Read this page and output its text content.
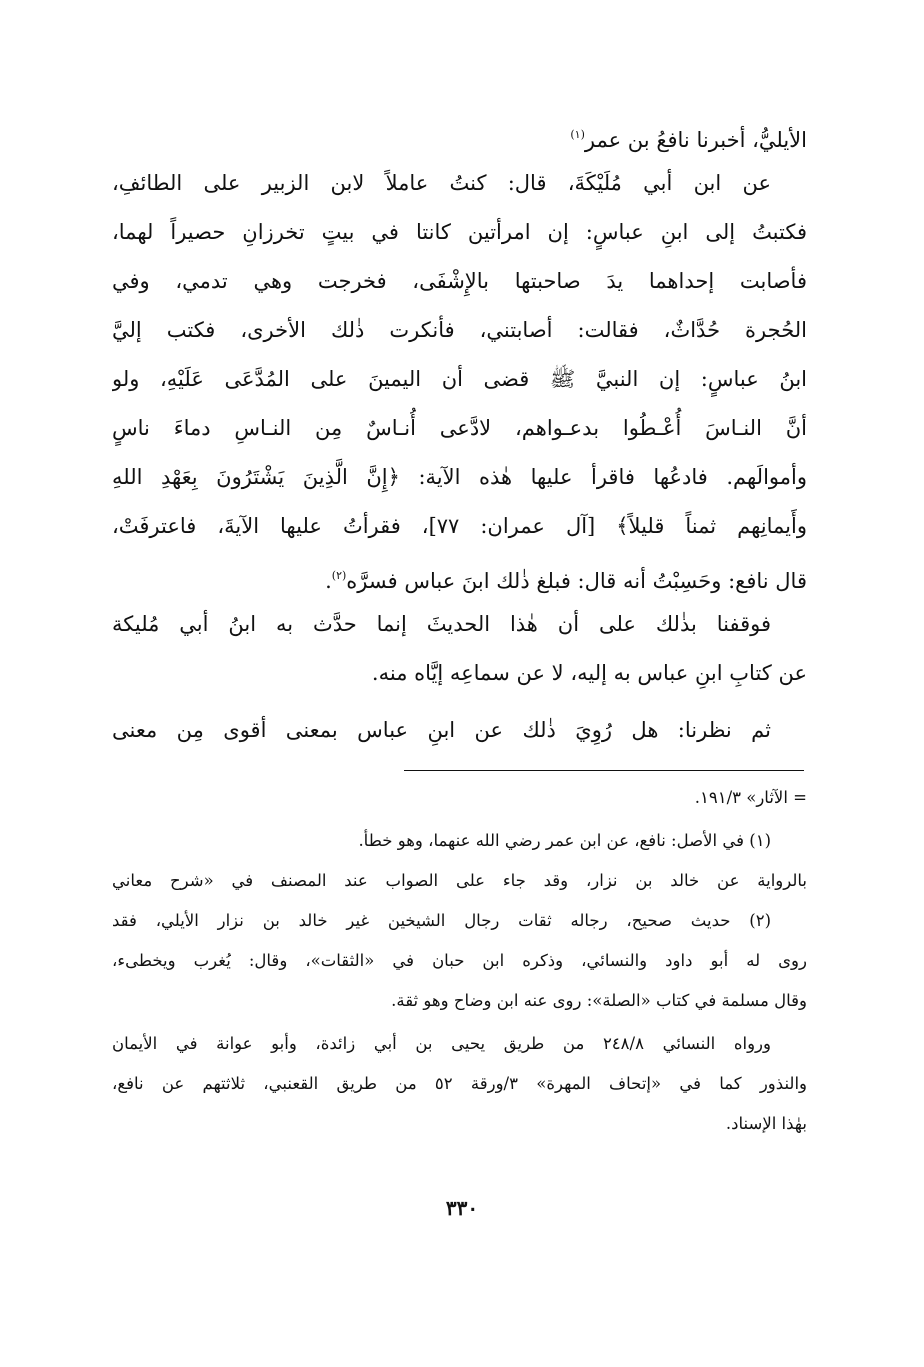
الأيليُّ، أخبرنا نافعُ بن عمر$^{(١)}$
عن ابن أبي مُلَيْكَةَ، قال: كنتُ عاملاً لابن الزبير على الطائفِ،
فكتبتُ إلى ابنِ عباسٍ: إن امرأتين كانتا في بيتٍ تخرزانِ حصيراً لهما،
فأصابت إحداهما يدَ صاحبتها بالإِشْفَى، فخرجت وهي تدمي، وفي
الحُجرة حُدَّاثٌ، فقالت: أصابتني، فأنكرت ذٰلك الأخرى، فكتب إليَّ
ابنُ عباسٍ: إن النبيَّ ﷺ قضى أن اليمينَ على المُدَّعَى عَلَيْهِ، ولو
أنَّ النـاسَ أُعْـطُوا بدعـواهم، لادَّعى أُنـاسٌ مِن النـاسِ دماءَ ناسٍ
وأموالَهم. فادعُها فاقرأ عليها هٰذه الآية: ﴿إِنَّ الَّذِينَ يَشْتَرُونَ بِعَهْدِ اللهِ
وأَيمانِهم ثمناً قليلاً﴾ [آل عمران: ٧٧]، فقرأتُ عليها الآيةَ، فاعترفَتْ،
قال نافع: وحَسِبْتُ أنه قال: فبلغ ذٰلك ابنَ عباس فسرَّه$^{(٢)}$.
فوقفنا بذٰلك على أن هٰذا الحديثَ إنما حدَّث به ابنُ أبي مُليكة
عن كتابِ ابنِ عباس به إليه، لا عن سماعِه إيَّاه منه.
ثم نظرنا: هل رُوِيَ ذٰلك عن ابنِ عباس بمعنى أقوى مِن معنى
= الآثار» ١٩١/٣.
(١) في الأصل: نافع، عن ابن عمر رضي الله عنهما، وهو خطأ.
بالرواية عن خالد بن نزار، وقد جاء على الصواب عند المصنف في «شرح معاني
(٢) حديث صحيح، رجاله ثقات رجال الشيخين غير خالد بن نزار الأيلي، فقد
روى له أبو داود والنسائي، وذكره ابن حبان في «الثقات»، وقال: يُغرب ويخطىء،
وقال مسلمة في كتاب «الصلة»: روى عنه ابن وضاح وهو ثقة.
ورواه النسائي ٢٤٨/٨ من طريق يحيى بن أبي زائدة، وأبو عوانة في الأيمان
والنذور كما في «إتحاف المهرة» ٣/ورقة ٥٢ من طريق القعنبي، ثلاثتهم عن نافع،
بهٰذا الإسناد.
٣٣٠
